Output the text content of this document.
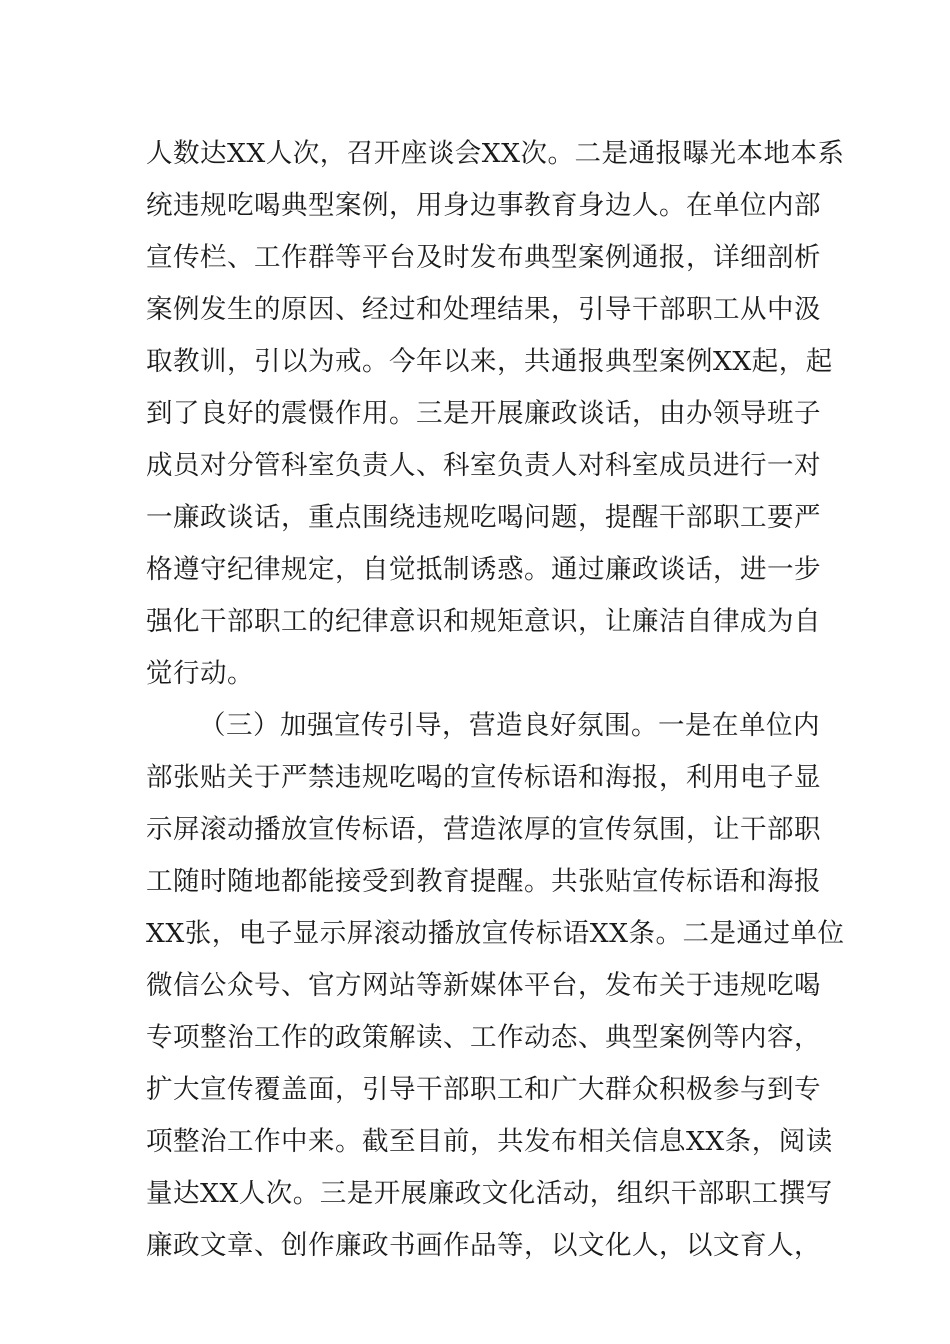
人数达XX人次，召开座谈会XX次。二是通报曝光本地本系
统违规吃喝典型案例，用身边事教育身边人。在单位内部
宣传栏、工作群等平台及时发布典型案例通报，详细剖析
案例发生的原因、经过和处理结果，引导干部职工从中汲
取教训，引以为戒。今年以来，共通报典型案例XX起，起
到了良好的震慑作用。三是开展廉政谈话，由办领导班子
成员对分管科室负责人、科室负责人对科室成员进行一对
一廉政谈话，重点围绕违规吃喝问题，提醒干部职工要严
格遵守纪律规定，自觉抵制诱惑。通过廉政谈话，进一步
强化干部职工的纪律意识和规矩意识，让廉洁自律成为自
觉行动。
（三）加强宣传引导，营造良好氛围。一是在单位内
部张贴关于严禁违规吃喝的宣传标语和海报，利用电子显
示屏滚动播放宣传标语，营造浓厚的宣传氛围，让干部职
工随时随地都能接受到教育提醒。共张贴宣传标语和海报
XX张，电子显示屏滚动播放宣传标语XX条。二是通过单位
微信公众号、官方网站等新媒体平台，发布关于违规吃喝
专项整治工作的政策解读、工作动态、典型案例等内容，
扩大宣传覆盖面，引导干部职工和广大群众积极参与到专
项整治工作中来。截至目前，共发布相关信息XX条，阅读
量达XX人次。三是开展廉政文化活动，组织干部职工撰写
廉政文章、创作廉政书画作品等，以文化人，以文育人，
